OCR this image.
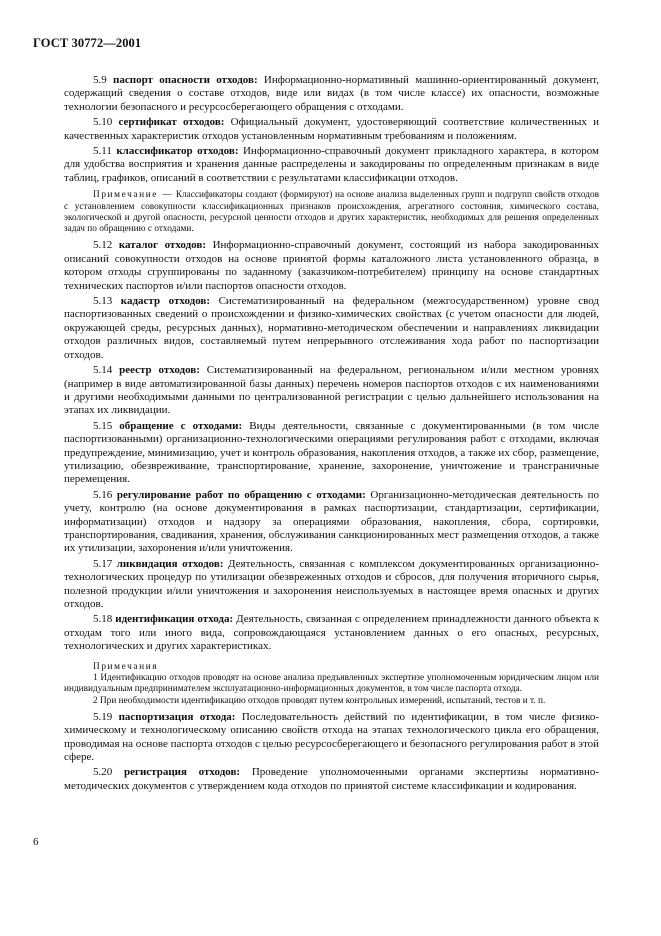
ГОСТ 30772—2001

5.9 паспорт опасности отходов: Информационно-нормативный машинно-ориентированный документ, содержащий сведения о составе отходов, виде или видах (в том числе классе) их опасности, возможные технологии безопасного и ресурсосберегающего обращения с отходами.

5.10 сертификат отходов: Официальный документ, удостоверяющий соответствие количественных и качественных характеристик отходов установленным нормативным требованиям и положениям.

5.11 классификатор отходов: Информационно-справочный документ прикладного характера, в котором для удобства восприятия и хранения данные распределены и закодированы по определенным признакам в виде таблиц, графиков, описаний в соответствии с результатами классификации отходов.

Примечание — Классификаторы создают (формируют) на основе анализа выделенных групп и подгрупп свойств отходов с установлением совокупности классификационных признаков происхождения, агрегатного состояния, химического состава, экологической и другой опасности, ресурсной ценности отходов и других характеристик, необходимых для решения определенных задач по обращению с отходами.

5.12 каталог отходов: Информационно-справочный документ, состоящий из набора закодированных описаний совокупности отходов на основе принятой формы каталожного листа установленного образца, в котором отходы сгруппированы по заданному (заказчиком-потребителем) принципу на основе стандартных технических паспортов и/или паспортов опасности отходов.

5.13 кадастр отходов: Систематизированный на федеральном (межгосударственном) уровне свод паспортизованных сведений о происхождении и физико-химических свойствах (с учетом опасности для людей, окружающей среды, ресурсных данных), нормативно-методическом обеспечении и направлениях ликвидации отходов различных видов, составляемый путем непрерывного отслеживания хода работ по паспортизации отходов.

5.14 реестр отходов: Систематизированный на федеральном, региональном и/или местном уровнях (например в виде автоматизированной базы данных) перечень номеров паспортов отходов с их наименованиями и другими необходимыми данными по централизованной регистрации с целью дальнейшего использования на этапах их ликвидации.

5.15 обращение с отходами: Виды деятельности, связанные с документированными (в том числе паспортизованными) организационно-технологическими операциями регулирования работ с отходами, включая предупреждение, минимизацию, учет и контроль образования, накопления отходов, а также их сбор, размещение, утилизацию, обезвреживание, транспортирование, хранение, захоронение, уничтожение и трансграничные перемещения.

5.16 регулирование работ по обращению с отходами: Организационно-методическая деятельность по учету, контролю (на основе документирования в рамках паспортизации, стандартизации, сертификации, информатизации) отходов и надзору за операциями образования, накопления, сбора, сортировки, транспортирования, свадивания, хранения, обслуживания санкционированных мест размещения отходов, а также их утилизации, захоронения и/или уничтожения.

5.17 ликвидация отходов: Деятельность, связанная с комплексом документированных организационно-технологических процедур по утилизации обезвреженных отходов и сбросов, для получения вторичного сырья, полезной продукции и/или уничтожения и захоронения неиспользуемых в настоящее время опасных и других отходов.

5.18 идентификация отхода: Деятельность, связанная с определением принадлежности данного объекта к отходам того или иного вида, сопровождающаяся установлением данных о его опасных, ресурсных, технологических и других характеристиках.

Примечания

1 Идентификацию отходов проводят на основе анализа предъявленных экспертизе уполномоченным юридическим лицом или индивидуальным предпринимателем эксплуатационно-информационных документов, в том числе паспорта отхода.

2 При необходимости идентификацию отходов проводят путем контрольных измерений, испытаний, тестов и т. п.

5.19 паспортизация отхода: Последовательность действий по идентификации, в том числе физико-химическому и технологическому описанию свойств отхода на этапах технологического цикла его обращения, проводимая на основе паспорта отходов с целью ресурсосберегающего и безопасного регулирования работ в этой сфере.

5.20 регистрация отходов: Проведение уполномоченными органами экспертизы нормативно-методических документов с утверждением кода отходов по принятой системе классификации и кодирования.

6
